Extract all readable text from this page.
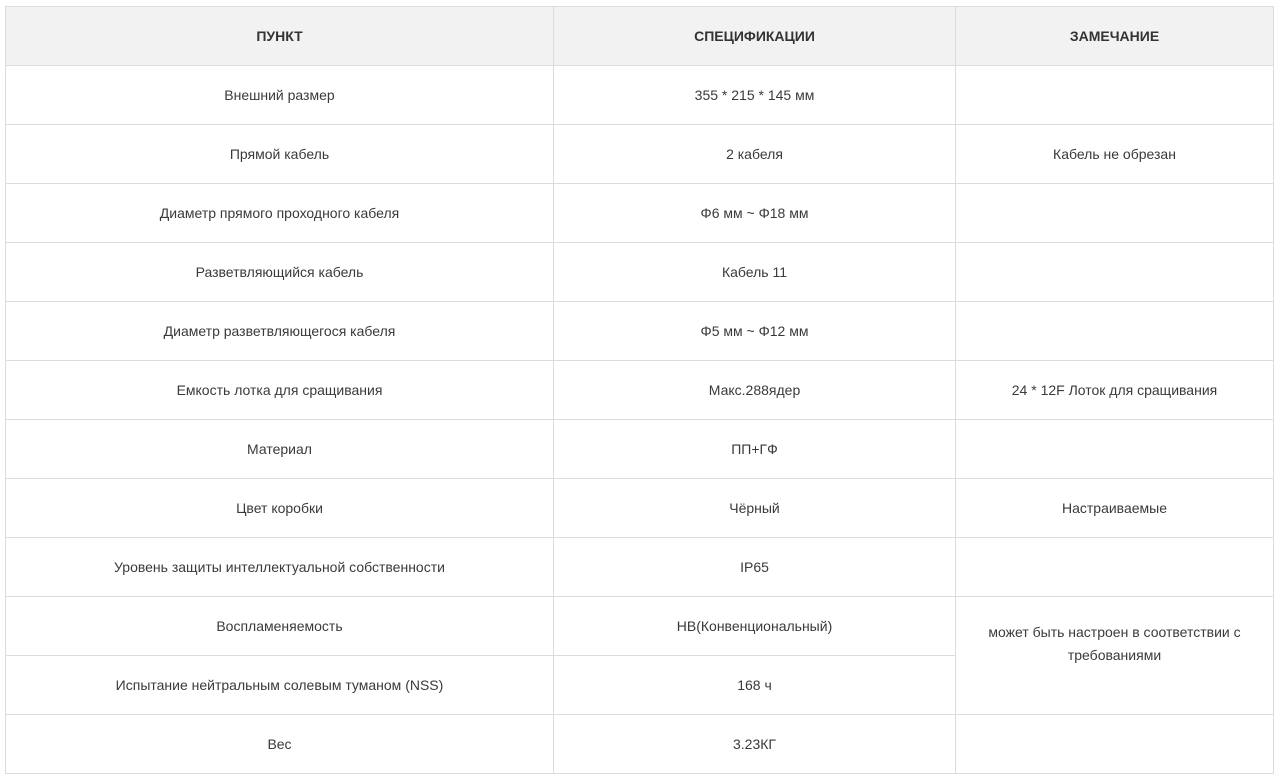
ПУНКТ	СПЕЦИФИКАЦИИ	ЗАМЕЧАНИЕ
Внешний размер	355 * 215 * 145 мм	
Прямой кабель	2 кабеля	Кабель не обрезан
Диаметр прямого проходного кабеля	Φ6 мм ~ Φ18 мм	
Разветвляющийся кабель	Кабель 11	
Диаметр разветвляющегося кабеля	Φ5 мм ~ Φ12 мм	
Емкость лотка для сращивания	Макс.288ядер	24 * 12F Лоток для сращивания
Материал	ПП+ГФ	
Цвет коробки	Чёрный	Настраиваемые
Уровень защиты интеллектуальной собственности	IP65	
Воспламеняемость	HB(Конвенциональный)	может быть настроен в соответствии с требованиями
Испытание нейтральным солевым туманом (NSS)	168 ч	
Вес	3.23КГ	
